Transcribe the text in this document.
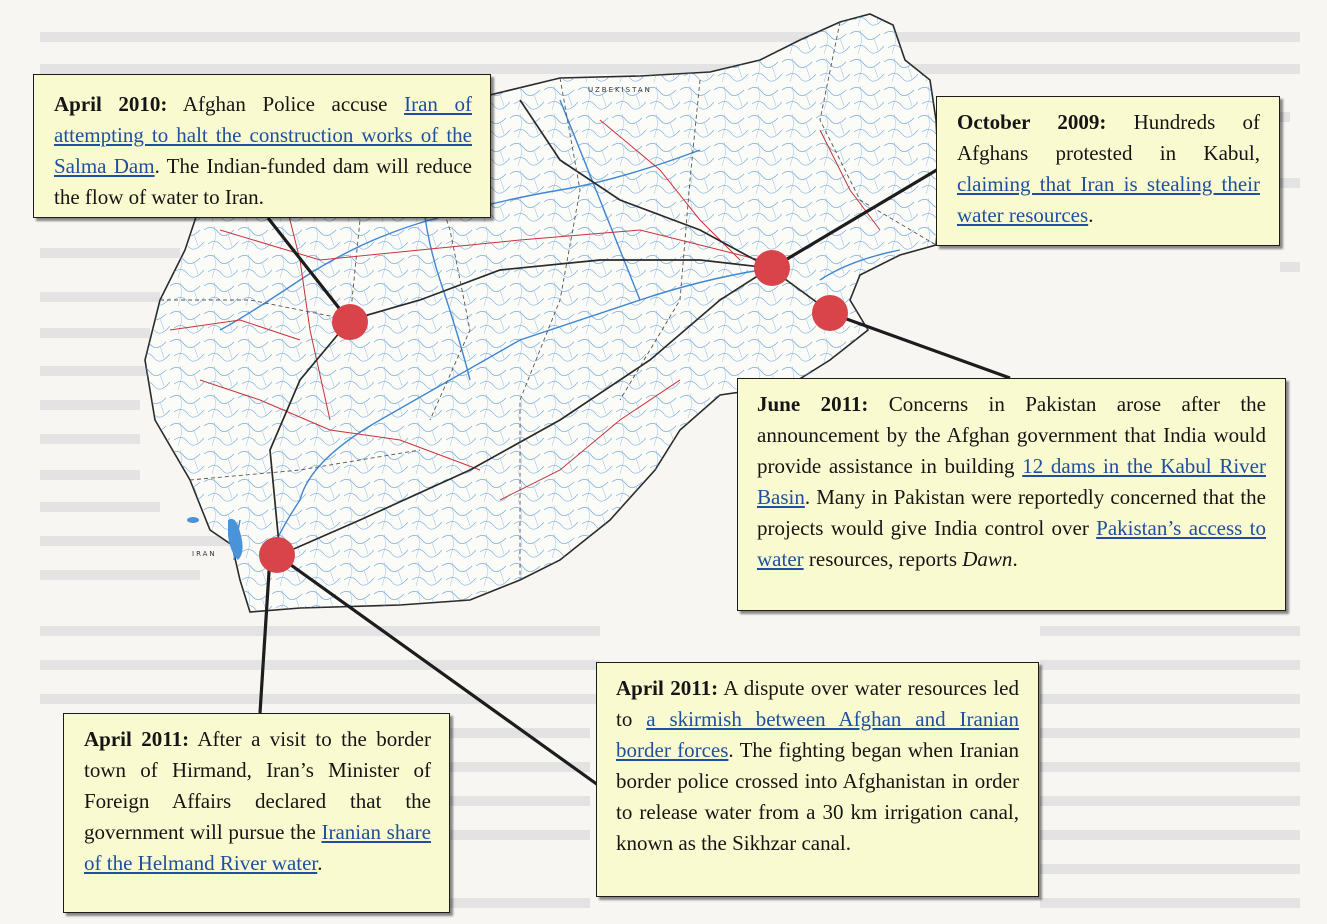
UZBEKISTAN
IRAN
April 2010: Afghan Police accuse Iran of attempting to halt the construction works of the Salma Dam. The Indian-funded dam will reduce the flow of water to Iran.
October 2009: Hundreds of Afghans protested in Kabul, claiming that Iran is stealing their water resources.
June 2011: Concerns in Pakistan arose after the announcement by the Afghan government that India would provide assistance in building 12 dams in the Kabul River Basin. Many in Pakistan were reportedly concerned that the projects would give India control over Pakistan’s access to water resources, reports Dawn.
April 2011: A dispute over water resources led to a skirmish between Afghan and Iranian border forces. The fighting began when Iranian border police crossed into Afghanistan in order to release water from a 30 km irrigation canal, known as the Sikhzar canal.
April 2011: After a visit to the border town of Hirmand, Iran’s Minister of Foreign Affairs declared that the government will pursue the Iranian share of the Helmand River water.
